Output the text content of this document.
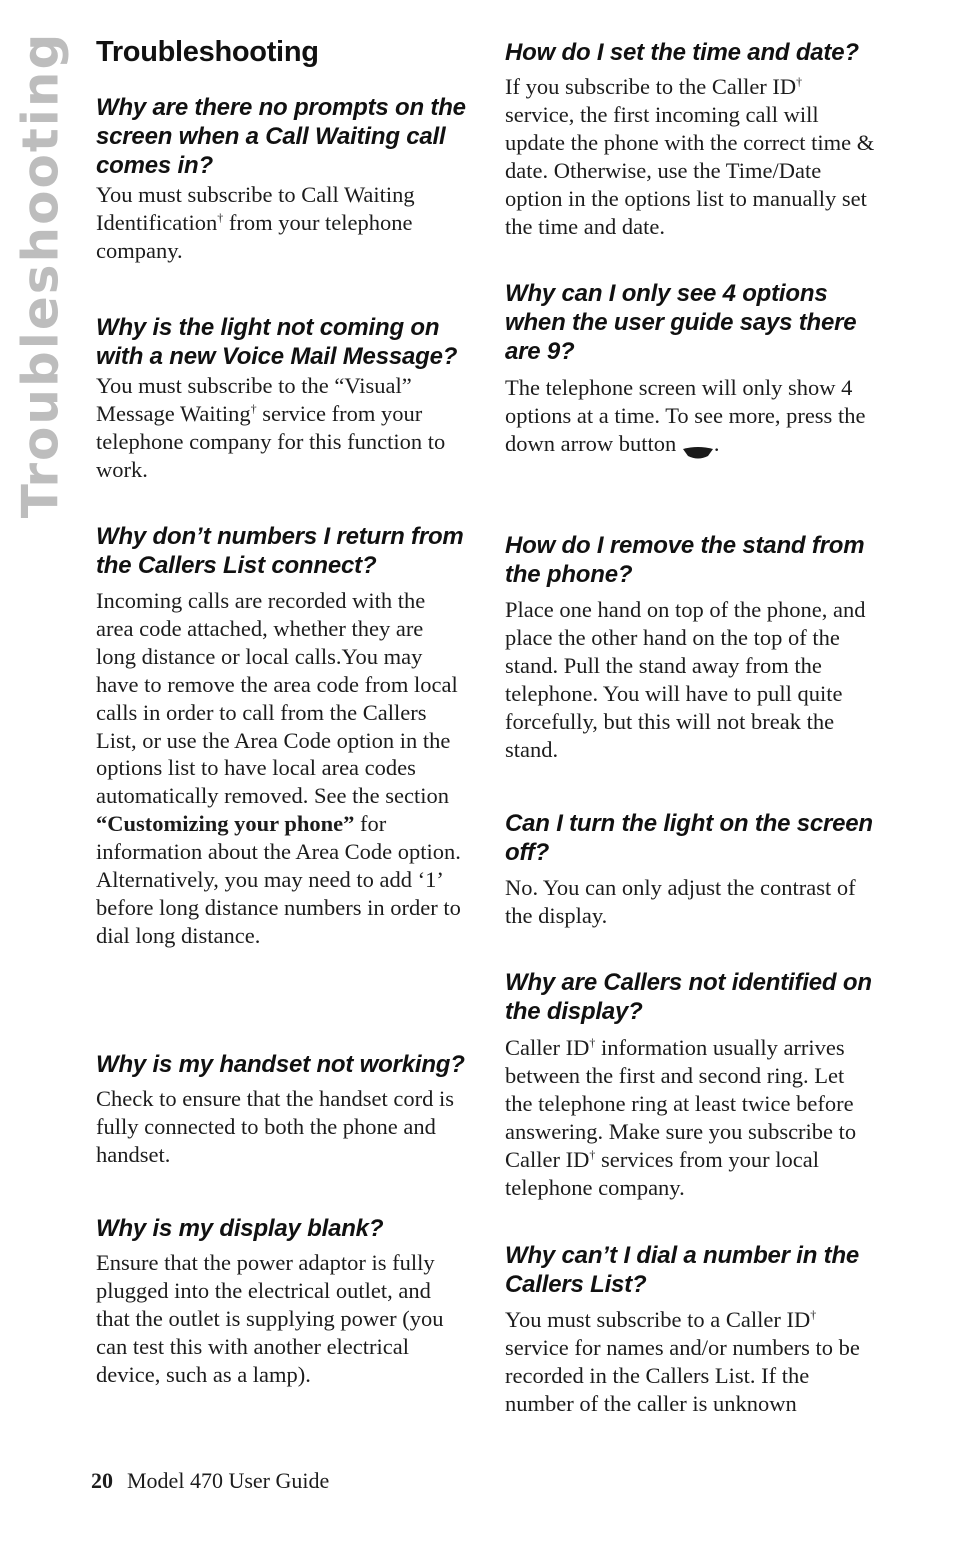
Troubleshooting Troubleshooting
Why are there no prompts on the screen when a Call Waiting call comes in?

You must subscribe to Call Waiting Identification† from your telephone company.

Why is the light not coming on with a new Voice Mail Message?

You must subscribe to the “Visual” Message Waiting† service from your telephone company for this function to work.

Why don’t numbers I return from the Callers List connect?

Incoming calls are recorded with the area code attached, whether they are long distance or local calls.You may have to remove the area code from local calls in order to call from the Callers List, or use the Area Code option in the options list to have local area codes automatically removed. See the section “Customizing your phone” for information about the Area Code option. Alternatively, you may need to add ‘1’ before long distance numbers in order to dial long distance.

Why is my handset not working?

Check to ensure that the handset cord is fully connected to both the phone and handset.

Why is my display blank?

Ensure that the power adaptor is fully plugged into the electrical outlet, and that the outlet is supplying power (you can test this with another electrical device, such as a lamp).

How do I set the time and date?

If you subscribe to the Caller ID† service, the first incoming call will update the phone with the correct time & date. Otherwise, use the Time/Date option in the options list to manually set the time and date.

Why can I only see 4 options when the user guide says there are 9?

The telephone screen will only show 4 options at a time. To see more, press the down arrow button .

How do I remove the stand from the phone?

Place one hand on top of the phone, and place the other hand on the top of the stand. Pull the stand away from the telephone. You will have to pull quite forcefully, but this will not break the stand.

Can I turn the light on the screen off?

No. You can only adjust the contrast of the display.

Why are Callers not identified on the display?

Caller ID† information usually arrives between the first and second ring. Let the telephone ring at least twice before answering. Make sure you subscribe to Caller ID† services from your local telephone company.

Why can’t I dial a number in the Callers List?

You must subscribe to a Caller ID† service for names and/or numbers to be recorded in the Callers List. If the number of the caller is unknown

20 Model 470 User Guide
